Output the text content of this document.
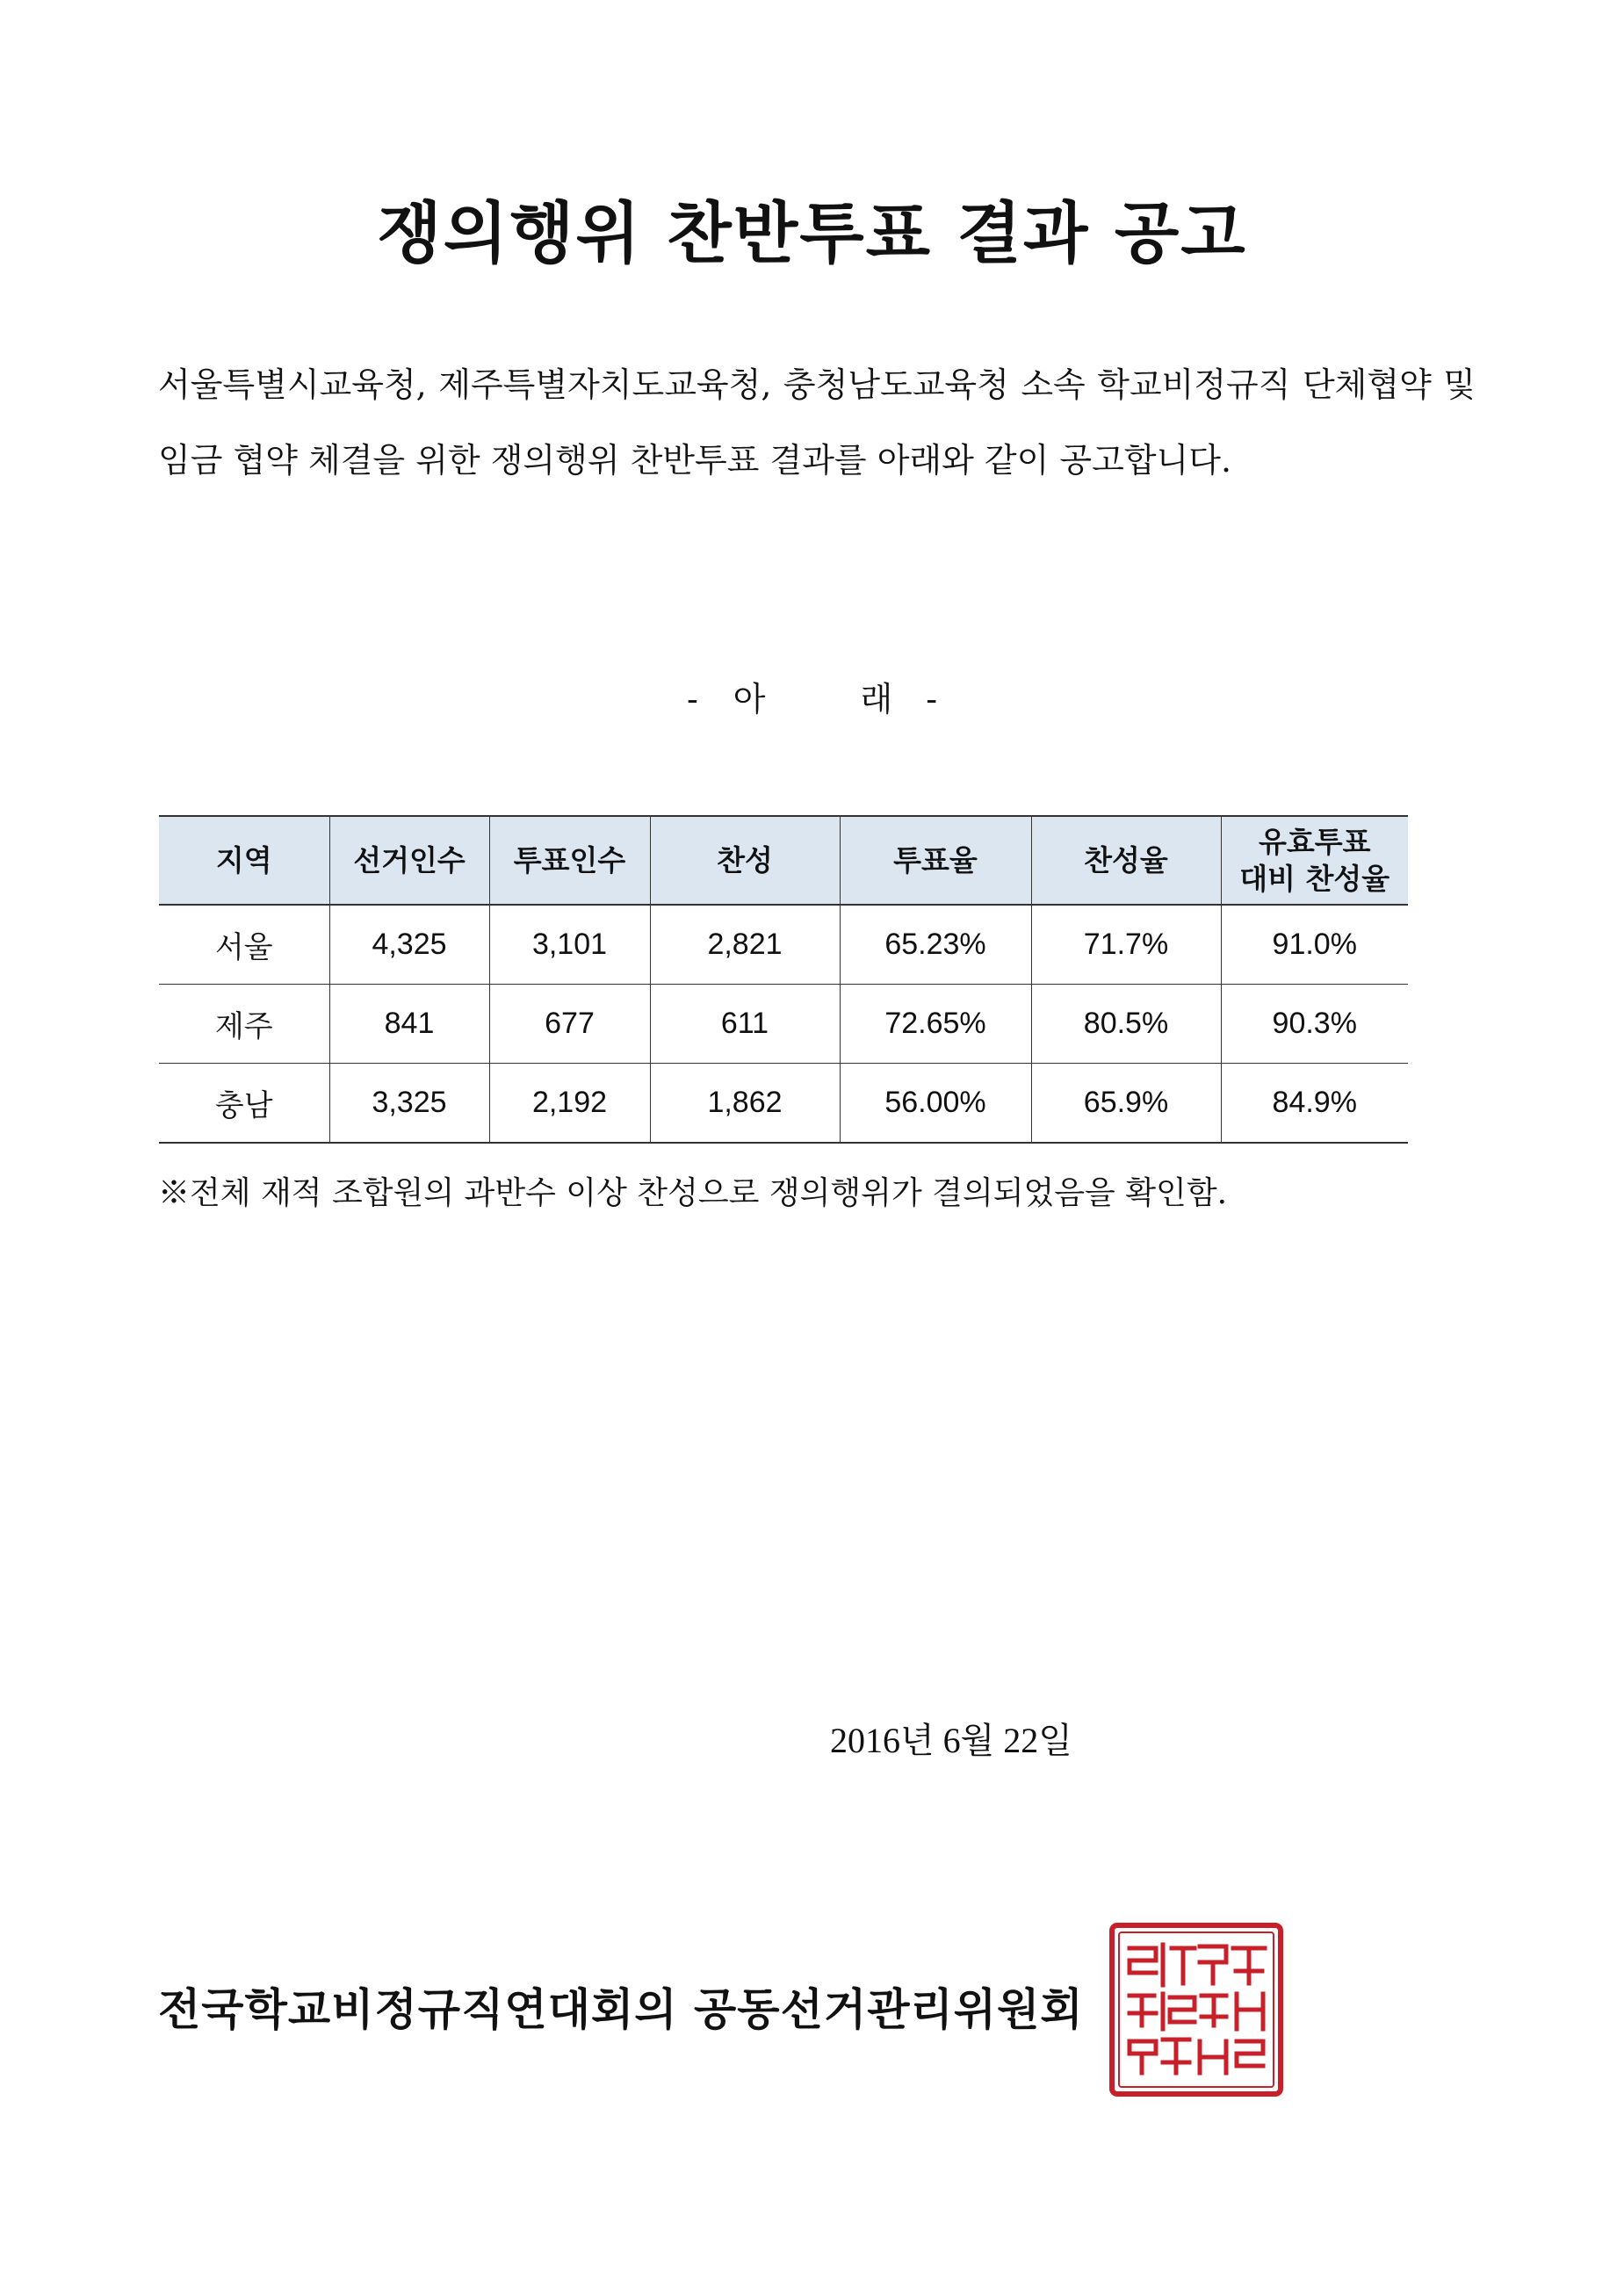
쟁의행위 찬반투표 결과 공고

서울특별시교육청, 제주특별자치도교육청, 충청남도교육청 소속 학교비정규직 단체협약 및 임금 협약 체결을 위한 쟁의행위 찬반투표 결과를 아래와 같이 공고합니다.

- 아	래 -
지역	선거인수	투표인수	찬성	투표율	찬성율	유효투표
대비 찬성율
서울	4,325	3,101	2,821	65.23%	71.7%	91.0%
제주	841	677	611	72.65%	80.5%	90.3%
충남	3,325	2,192	1,862	56.00%	65.9%	84.9%

※전체 재적 조합원의 과반수 이상 찬성으로 쟁의행위가 결의되었음을 확인함.

2016년 6월 22일

전국학교비정규직연대회의 공동선거관리위원회
